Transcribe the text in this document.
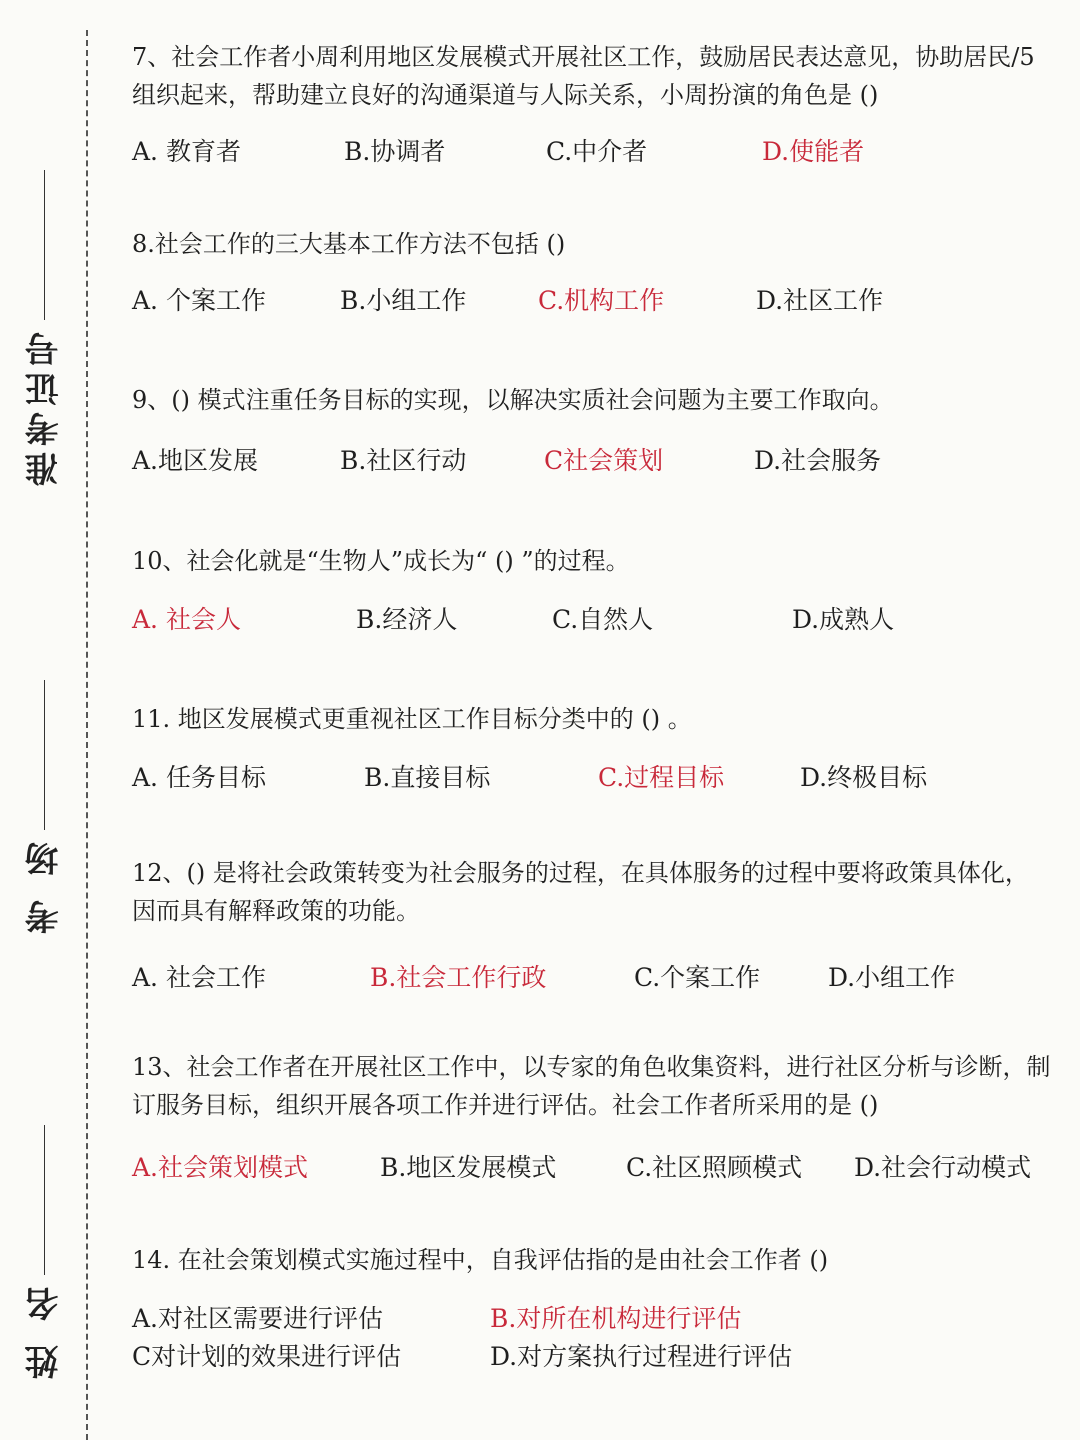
准考证号
考 场
姓 名

7、社会工作者小周利用地区发展模式开展社区工作，鼓励居民表达意见，协助居民/5组织起来，帮助建立良好的沟通渠道与人际关系，小周扮演的角色是 ()

A. 教育者	B.协调者	C.中介者	D.使能者

8.社会工作的三大基本工作方法不包括 ()

A. 个案工作	B.小组工作	C.机构工作	D.社区工作

9、() 模式注重任务目标的实现，以解决实质社会问题为主要工作取向。

A.地区发展	B.社区行动	C社会策划	D.社会服务

10、社会化就是“生物人”成长为“ () ”的过程。

A. 社会人	B.经济人	C.自然人	D.成熟人

11. 地区发展模式更重视社区工作目标分类中的 () 。

A. 任务目标	B.直接目标	C.过程目标	D.终极目标

12、() 是将社会政策转变为社会服务的过程，在具体服务的过程中要将政策具体化，因而具有解释政策的功能。

A. 社会工作	B.社会工作行政	C.个案工作	D.小组工作

13、社会工作者在开展社区工作中，以专家的角色收集资料，进行社区分析与诊断，制订服务目标，组织开展各项工作并进行评估。社会工作者所采用的是 ()

A.社会策划模式	B.地区发展模式	C.社区照顾模式 D.社会行动模式

14. 在社会策划模式实施过程中，自我评估指的是由社会工作者 ()

A.对社区需要进行评估	B.对所在机构进行评估
C对计划的效果进行评估	D.对方案执行过程进行评估
